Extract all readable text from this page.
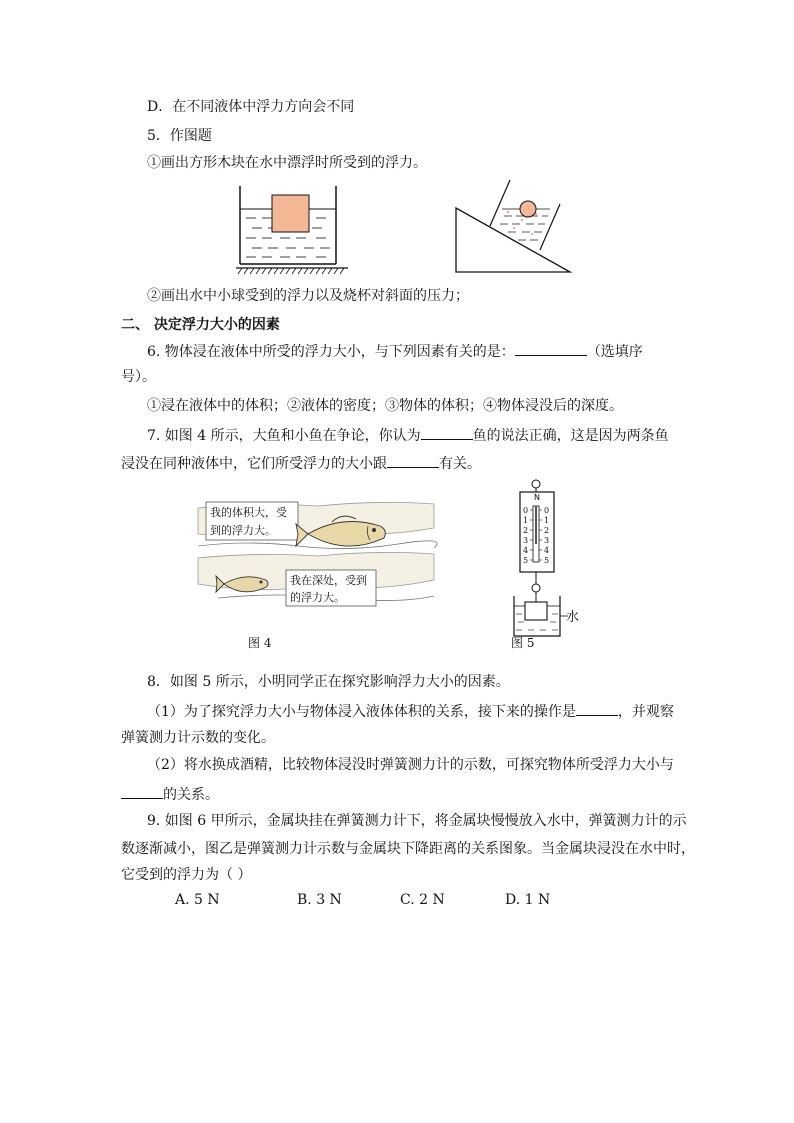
D．在不同液体中浮力方向会不同
5．作图题
①画出方形木块在水中漂浮时所受到的浮力。
②画出水中小球受到的浮力以及烧杯对斜面的压力；
二、 决定浮力大小的因素
6. 物体浸在液体中所受的浮力大小，与下列因素有关的是：	（选填序
号）。
①浸在液体中的体积；②液体的密度；③物体的体积；④物体浸没后的深度。
7. 如图 4 所示，大鱼和小鱼在争论，你认为	鱼的说法正确，这是因为两条鱼
浸没在同种液体中，它们所受浮力的大小跟	有关。
我的体积大，受
到的浮力大。
我在深处，受到
的浮力大。
图 4
N
0 0
1 1
2 2
3 3
4 4
5 5
水
图 5
8．如图 5 所示，小明同学正在探究影响浮力大小的因素。
（1）为了探究浮力大小与物体浸入液体体积的关系，接下来的操作是	，并观察
弹簧测力计示数的变化。
（2）将水换成酒精，比较物体浸没时弹簧测力计的示数，可探究物体所受浮力大小与
的关系。
9. 如图 6 甲所示，金属块挂在弹簧测力计下，将金属块慢慢放入水中，弹簧测力计的示
数逐渐减小，图乙是弹簧测力计示数与金属块下降距离的关系图象。当金属块浸没在水中时，
它受到的浮力为（ ）
A. 5 N	B. 3 N	C. 2 N	D. 1 N
